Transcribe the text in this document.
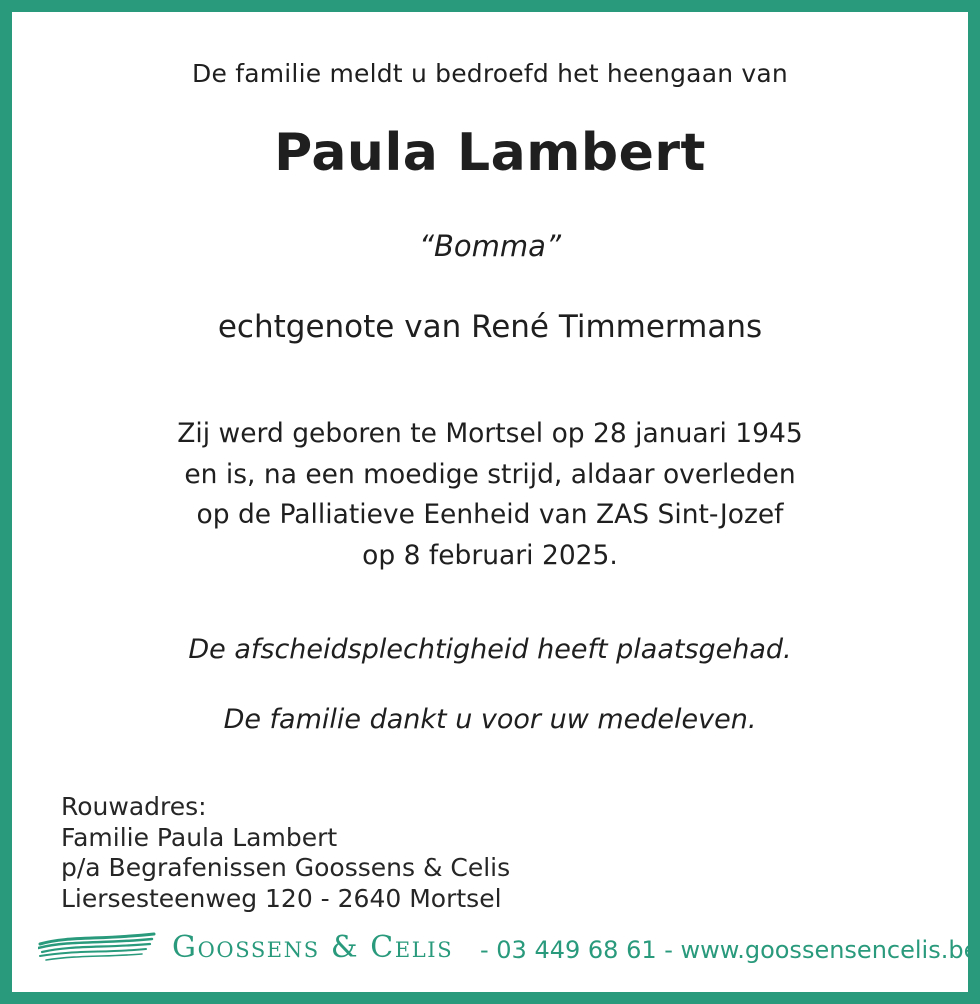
De familie meldt u bedroefd het heengaan van
Paula Lambert
“Bomma”
echtgenote van René Timmermans
Zij werd geboren te Mortsel op 28 januari 1945
en is, na een moedige strijd, aldaar overleden
op de Palliatieve Eenheid van ZAS Sint-Jozef
op 8 februari 2025.
De afscheidsplechtigheid heeft plaatsgehad.
De familie dankt u voor uw medeleven.
Rouwadres:
Familie Paula Lambert
p/a Begrafenissen Goossens & Celis
Liersesteenweg 120 - 2640 Mortsel
Goossens & Celis - 03 449 68 61 - www.goossensencelis.be
